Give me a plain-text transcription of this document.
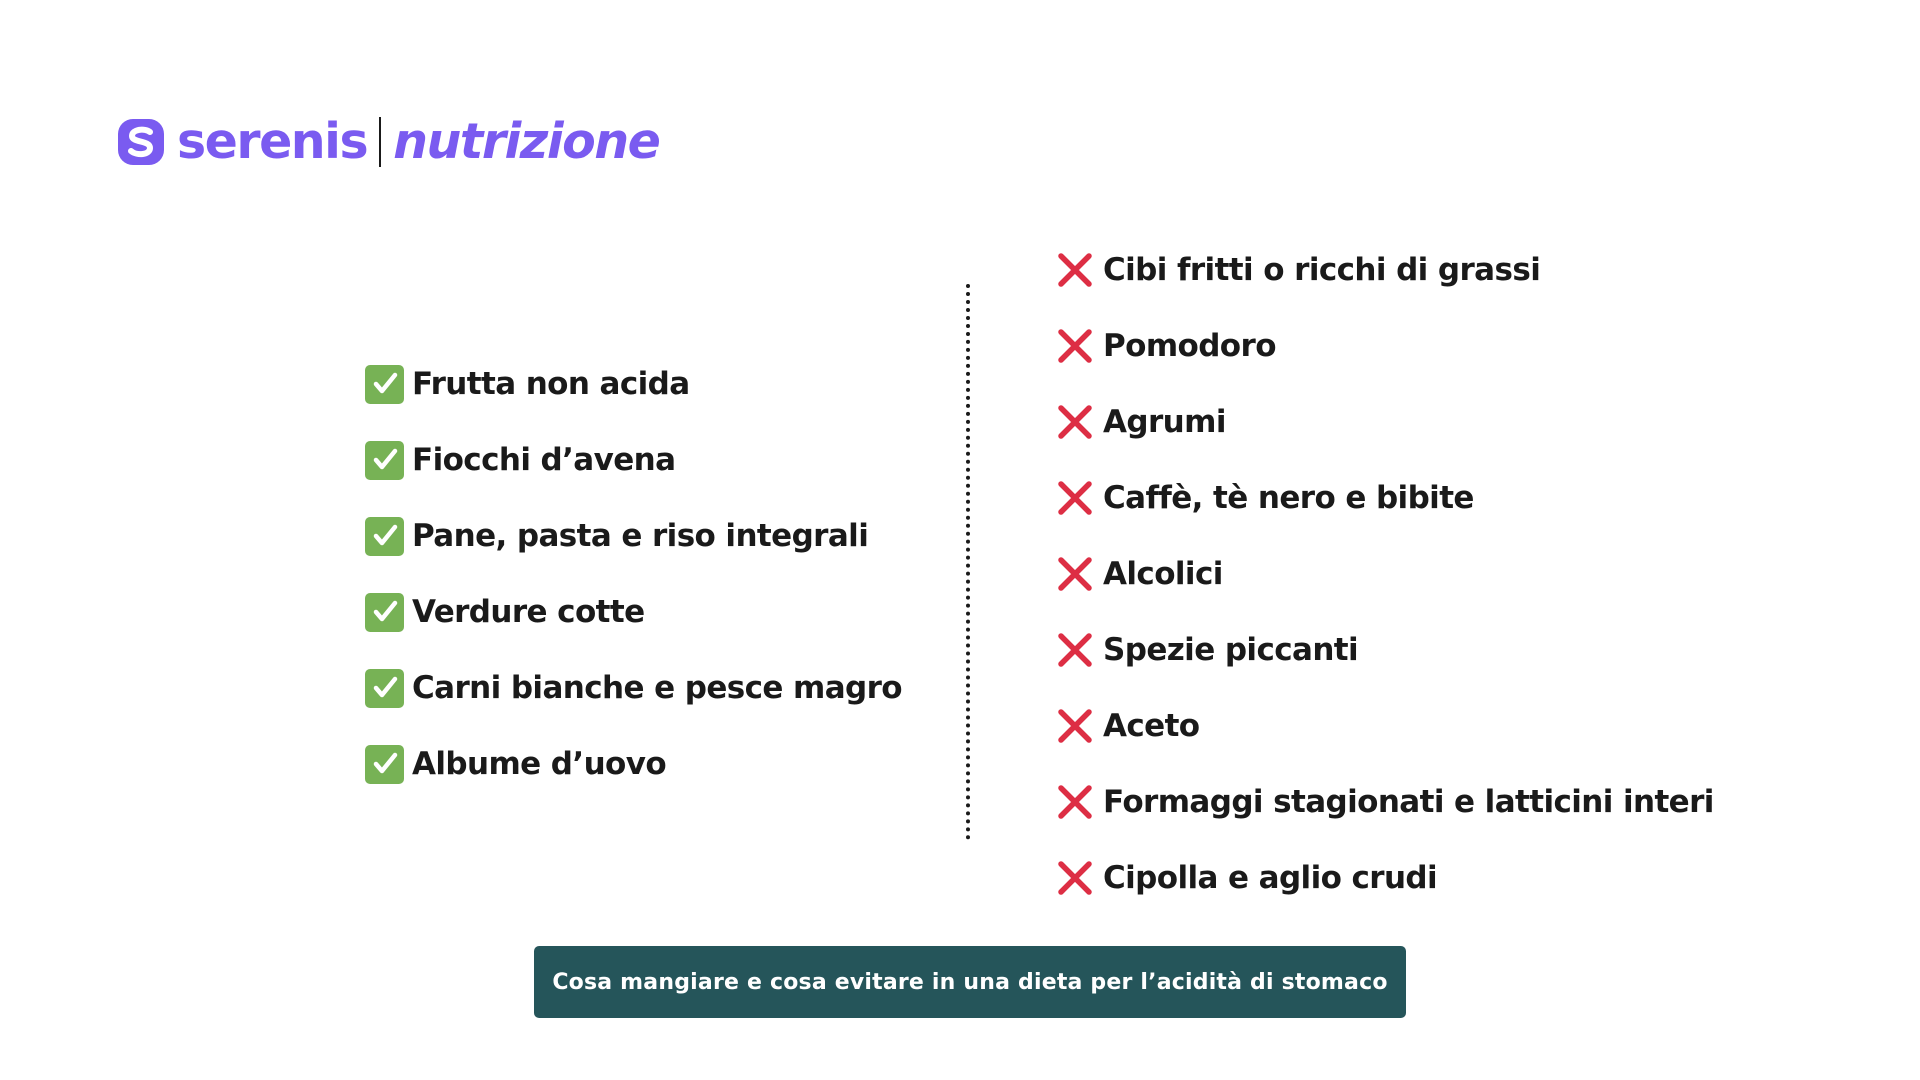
serenis nutrizione
Frutta non acida
Fiocchi d’avena
Pane, pasta e riso integrali
Verdure cotte
Carni bianche e pesce magro
Albume d’uovo
Cibi fritti o ricchi di grassi
Pomodoro
Agrumi
Caffè, tè nero e bibite
Alcolici
Spezie piccanti
Aceto
Formaggi stagionati e latticini interi
Cipolla e aglio crudi
Cosa mangiare e cosa evitare in una dieta per l’acidità di stomaco
